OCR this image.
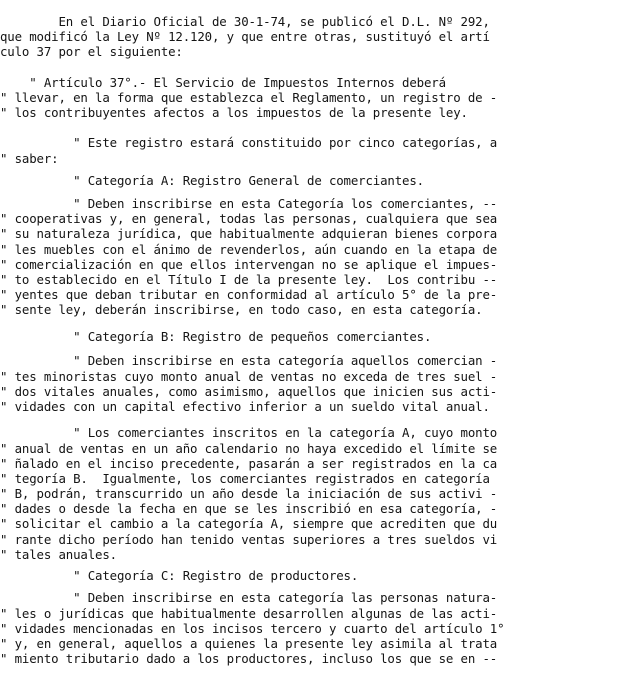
En el Diario Oficial de 30-1-74, se publicó el D.L. Nº 292,
que modificó la Ley Nº 12.120, y que entre otras, sustituyó el artí
culo 37 por el siguiente:
" Artículo 37°.- El Servicio de Impuestos Internos deberá
" llevar, en la forma que establezca el Reglamento, un registro de -
" los contribuyentes afectos a los impuestos de la presente ley.
" Este registro estará constituido por cinco categorías, a
" saber:
" Categoría A: Registro General de comerciantes.
" Deben inscribirse en esta Categoría los comerciantes, --
" cooperativas y, en general, todas las personas, cualquiera que sea
" su naturaleza jurídica, que habitualmente adquieran bienes corpora
" les muebles con el ánimo de revenderlos, aún cuando en la etapa de
" comercialización en que ellos intervengan no se aplique el impues-
" to establecido en el Título I de la presente ley.  Los contribu --
" yentes que deban tributar en conformidad al artículo 5° de la pre-
" sente ley, deberán inscribirse, en todo caso, en esta categoría.
" Categoría B: Registro de pequeños comerciantes.
" Deben inscribirse en esta categoría aquellos comercian -
" tes minoristas cuyo monto anual de ventas no exceda de tres suel -
" dos vitales anuales, como asimismo, aquellos que inicien sus acti-
" vidades con un capital efectivo inferior a un sueldo vital anual.
" Los comerciantes inscritos en la categoría A, cuyo monto
" anual de ventas en un año calendario no haya excedido el límite se
" ñalado en el inciso precedente, pasarán a ser registrados en la ca
" tegoría B.  Igualmente, los comerciantes registrados en categoría
" B, podrán, transcurrido un año desde la iniciación de sus activi -
" dades o desde la fecha en que se les inscribió en esa categoría, -
" solicitar el cambio a la categoría A, siempre que acrediten que du
" rante dicho período han tenido ventas superiores a tres sueldos vi
" tales anuales.
" Categoría C: Registro de productores.
" Deben inscribirse en esta categoría las personas natura-
" les o jurídicas que habitualmente desarrollen algunas de las acti-
" vidades mencionadas en los incisos tercero y cuarto del artículo 1°
" y, en general, aquellos a quienes la presente ley asimila al trata
" miento tributario dado a los productores, incluso los que se en --
